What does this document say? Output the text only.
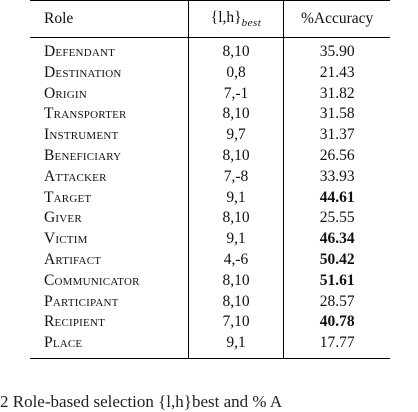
Role	$\{l,h\}_{best}$	%Accuracy
Defendant	8,10	35.90
Destination	0,8	21.43
Origin	7,-1	31.82
Transporter	8,10	31.58
Instrument	9,7	31.37
Beneficiary	8,10	26.56
Attacker	7,-8	33.93
Target	9,1	44.61
Giver	8,10	25.55
Victim	9,1	46.34
Artifact	4,-6	50.42
Communicator	8,10	51.61
Participant	8,10	28.57
Recipient	7,10	40.78
Place	9,1	17.77
2 Role-based selection {l,h}best and % A
